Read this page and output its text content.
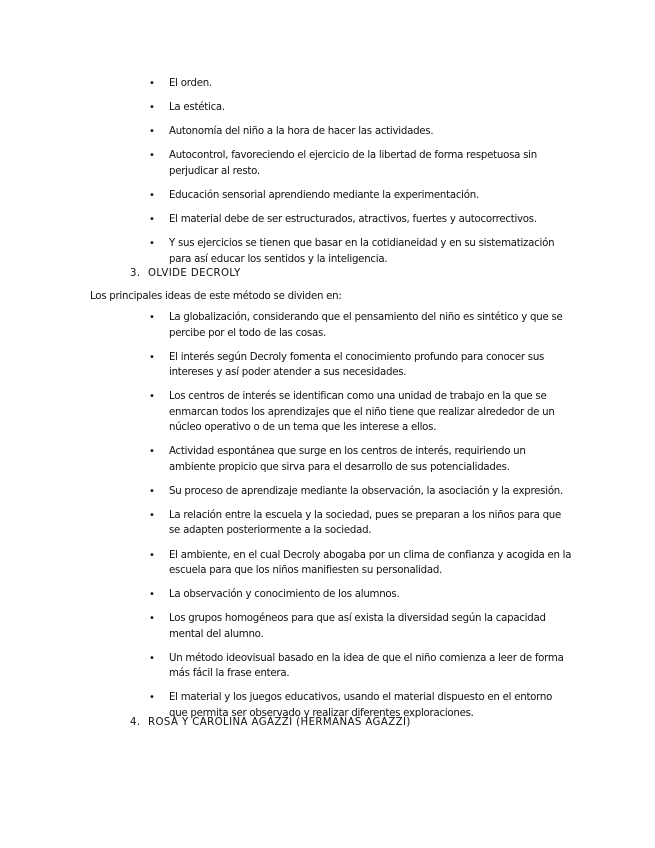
• El orden.
• La estética.
• Autonomía del niño a la hora de hacer las actividades.
• Autocontrol, favoreciendo el ejercicio de la libertad de forma respetuosa sin perjudicar al resto.
• Educación sensorial aprendiendo mediante la experimentación.
• El material debe de ser estructurados, atractivos, fuertes y autocorrectivos.
• Y sus ejercicios se tienen que basar en la cotidianeidad y en su sistematización para así educar los sentidos y la inteligencia.
3. OLVIDE DECROLY
Los principales ideas de este método se dividen en:
• La globalización, considerando que el pensamiento del niño es sintético y que se percibe por el todo de las cosas.
• El interés según Decroly fomenta el conocimiento profundo para conocer sus intereses y así poder atender a sus necesidades.
• Los centros de interés se identifican como una unidad de trabajo en la que se enmarcan todos los aprendizajes que el niño tiene que realizar alrededor de un núcleo operativo o de un tema que les interese a ellos.
• Actividad espontánea que surge en los centros de interés, requiriendo un ambiente propicio que sirva para el desarrollo de sus potencialidades.
• Su proceso de aprendizaje mediante la observación, la asociación y la expresión.
• La relación entre la escuela y la sociedad, pues se preparan a los niños para que se adapten posteriormente a la sociedad.
• El ambiente, en el cual Decroly abogaba por un clima de confianza y acogida en la escuela para que los niños manifiesten su personalidad.
• La observación y conocimiento de los alumnos.
• Los grupos homogéneos para que así exista la diversidad según la capacidad mental del alumno.
• Un método ideovisual basado en la idea de que el niño comienza a leer de forma más fácil la frase entera.
• El material y los juegos educativos, usando el material dispuesto en el entorno que permita ser observado y realizar diferentes exploraciones.
4. ROSA Y CAROLINA AGAZZI (HERMANAS AGAZZI)
